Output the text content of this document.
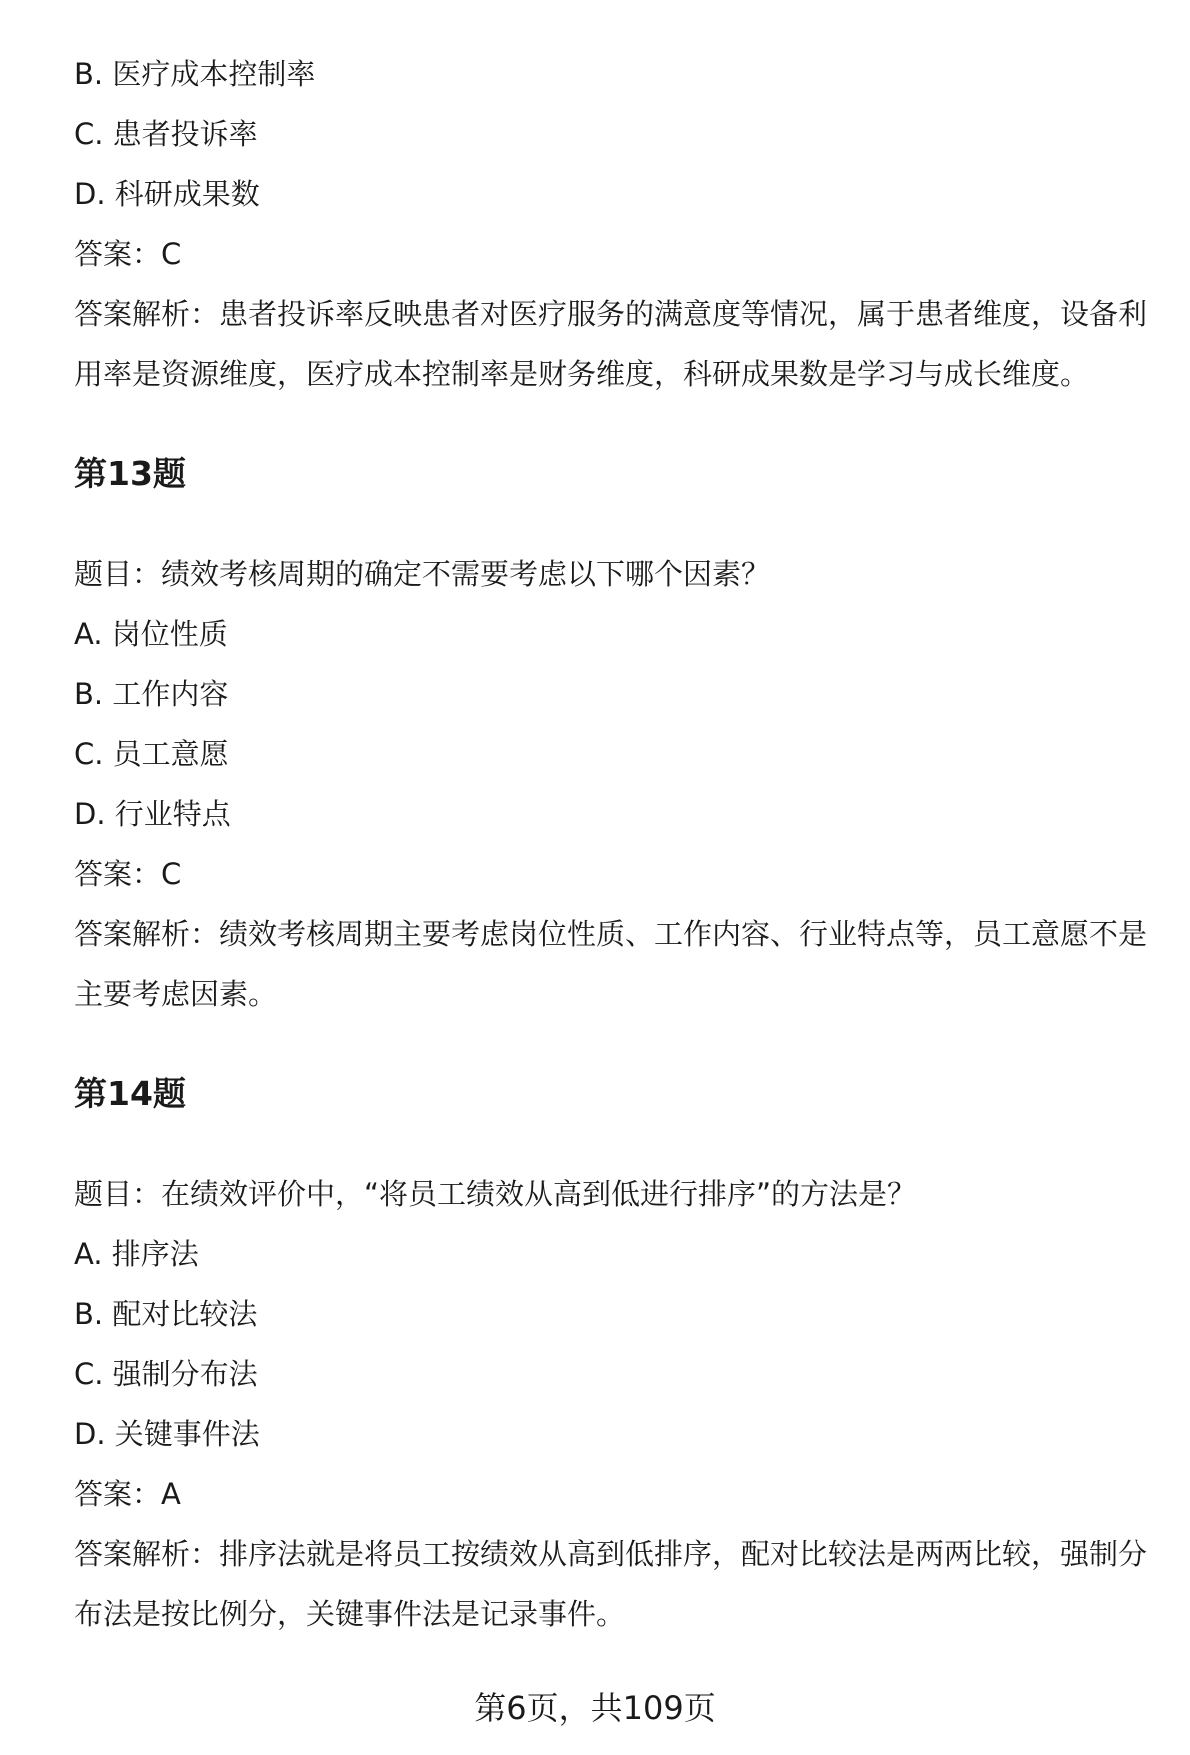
B. 医疗成本控制率
C. 患者投诉率
D. 科研成果数
答案：C
答案解析：患者投诉率反映患者对医疗服务的满意度等情况，属于患者维度，设备利用率是资源维度，医疗成本控制率是财务维度，科研成果数是学习与成长维度。
第13题
题目：绩效考核周期的确定不需要考虑以下哪个因素？
A. 岗位性质
B. 工作内容
C. 员工意愿
D. 行业特点
答案：C
答案解析：绩效考核周期主要考虑岗位性质、工作内容、行业特点等，员工意愿不是主要考虑因素。
第14题
题目：在绩效评价中，“将员工绩效从高到低进行排序”的方法是？
A. 排序法
B. 配对比较法
C. 强制分布法
D. 关键事件法
答案：A
答案解析：排序法就是将员工按绩效从高到低排序，配对比较法是两两比较，强制分布法是按比例分，关键事件法是记录事件。
第6页，共109页
